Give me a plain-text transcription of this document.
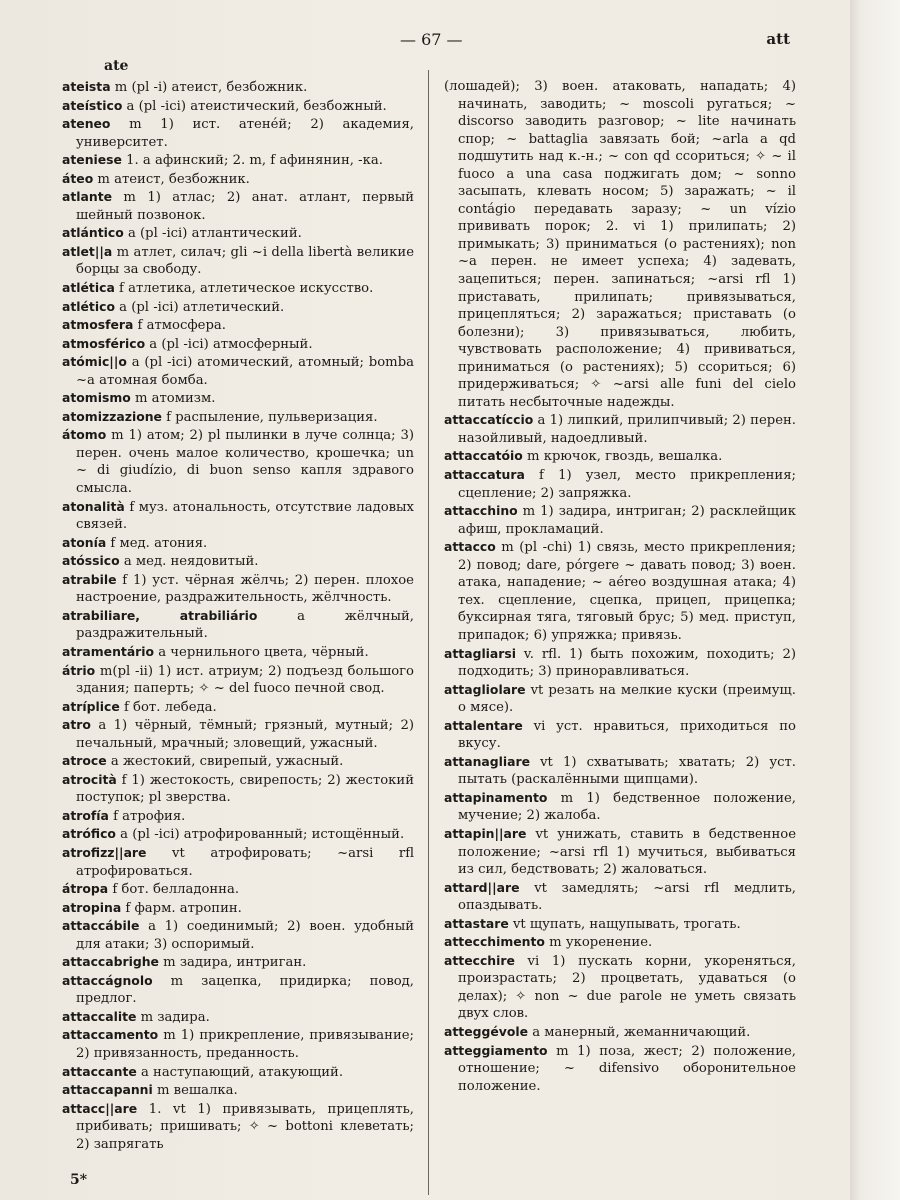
ate
— 67 —	att
ateista m (pl -i) атеист, безбожник.
ateístico a (pl -ici) атеистический, безбожный.
ateneo m 1) ист. атенéй; 2) академия, университет.
ateniese 1. a афинский; 2. m, f афинянин, -ка.
áteo m атеист, безбожник.
atlante m 1) атлас; 2) анат. атлант, первый шейный позвонок.
atlántico a (pl -ici) атлантический.
atlet||a m атлет, силач; gli ~i della libertà великие борцы за свободу.
atlética f атлетика, атлетическое искусство.
atlético a (pl -ici) атлетический.
atmosfera f атмосфера.
atmosférico a (pl -ici) атмосферный.
atómic||o a (pl -ici) атомический, атомный; bomba ~a атомная бомба.
atomismo m атомизм.
atomizzazione f распыление, пульверизация.
átomo m 1) атом; 2) pl пылинки в луче солнца; 3) перен. очень малое количество, крошечка; un ~ di giudízio, di buon senso капля здравого смысла.
atonalità f муз. атональность, отсутствие ладовых связей.
atonía f мед. атония.
atóssico a мед. неядовитый.
atrabile f 1) уст. чёрная жёлчь; 2) перен. плохое настроение, раздражительность, жёлчность.
atrabiliare, atrabiliário a жёлчный, раздражительный.
atramentário a чернильного цвета, чёрный.
átrio m(pl -ii) 1) ист. атриум; 2) подъезд большого здания; паперть; ✧ ~ del fuoco печной свод.
atríplice f бот. лебеда.
atro a 1) чёрный, тёмный; грязный, мутный; 2) печальный, мрачный; зловещий, ужасный.
atroce a жестокий, свирепый, ужасный.
atrocità f 1) жестокость, свирепость; 2) жестокий поступок; pl зверства.
atrofía f атрофия.
atrófico a (pl -ici) атрофированный; истощённый.
atrofizz||are vt атрофировать; ~arsi rfl атрофироваться.
átropa f бот. белладонна.
atropina f фарм. атропин.
attaccábile a 1) соединимый; 2) воен. удобный для атаки; 3) оспоримый.
attaccabrighe m задира, интриган.
attaccágnolo m зацепка, придирка; повод, предлог.
attaccalite m задира.
attaccamento m 1) прикрепление, привязывание; 2) привязанность, преданность.
attaccante a наступающий, атакующий.
attaccapanni m вешалка.
attacc||are 1. vt 1) привязывать, прицеплять, прибивать; пришивать; ✧ ~ bottoni клеветать; 2) запрягать
(лошадей); 3) воен. атаковать, нападать; 4) начинать, заводить; ~ moscoli ругаться; ~ discorso заводить разговор; ~ lite начинать спор; ~ battaglia завязать бой; ~arla a qd подшутить над к.-н.; ~ con qd ссориться; ✧ ~ il fuoco a una casa поджигать дом; ~ sonno засыпать, клевать носом; 5) заражать; ~ il contágio передавать заразу; ~ un vízio прививать порок; 2. vi 1) прилипать; 2) примыкать; 3) приниматься (о растениях); non ~a перен. не имеет успеха; 4) задевать, зацепиться; перен. запинаться; ~arsi rfl 1) приставать, прилипать; привязываться, прицепляться; 2) заражаться; приставать (о болезни); 3) привязываться, любить, чувствовать расположение; 4) прививаться, приниматься (о растениях); 5) ссориться; 6) придерживаться; ✧ ~arsi alle funi del cielo питать несбыточные надежды.
attaccatíccio a 1) липкий, прилипчивый; 2) перен. назойливый, надоедливый.
attaccatóio m крючок, гвоздь, вешалка.
attaccatura f 1) узел, место прикрепления; сцепление; 2) запряжка.
attacchino m 1) задира, интриган; 2) расклейщик афиш, прокламаций.
attacco m (pl -chi) 1) связь, место прикрепления; 2) повод; dare, pórgere ~ давать повод; 3) воен. атака, нападение; ~ aéreo воздушная атака; 4) тех. сцепление, сцепка, прицеп, прицепка; буксирная тяга, тяговый брус; 5) мед. приступ, припадок; 6) упряжка; привязь.
attagliarsi v. rfl. 1) быть похожим, походить; 2) подходить; 3) приноравливаться.
attagliolare vt резать на мелкие куски (преимущ. о мясе).
attalentare vi уст. нравиться, приходиться по вкусу.
attanagliare vt 1) схватывать; хватать; 2) уст. пытать (раскалёнными щипцами).
attapinamento m 1) бедственное положение, мучение; 2) жалоба.
attapin||are vt унижать, ставить в бедственное положение; ~arsi rfl 1) мучиться, выбиваться из сил, бедствовать; 2) жаловаться.
attard||are vt замедлять; ~arsi rfl медлить, опаздывать.
attastare vt щупать, нащупывать, трогать.
attecchimento m укоренение.
attecchire vi 1) пускать корни, укореняться, произрастать; 2) процветать, удаваться (о делах); ✧ non ~ due parole не уметь связать двух слов.
atteggévole a манерный, жеманничающий.
atteggiamento m 1) поза, жест; 2) положение, отношение; ~ difensivo оборонительное положение.
5*
